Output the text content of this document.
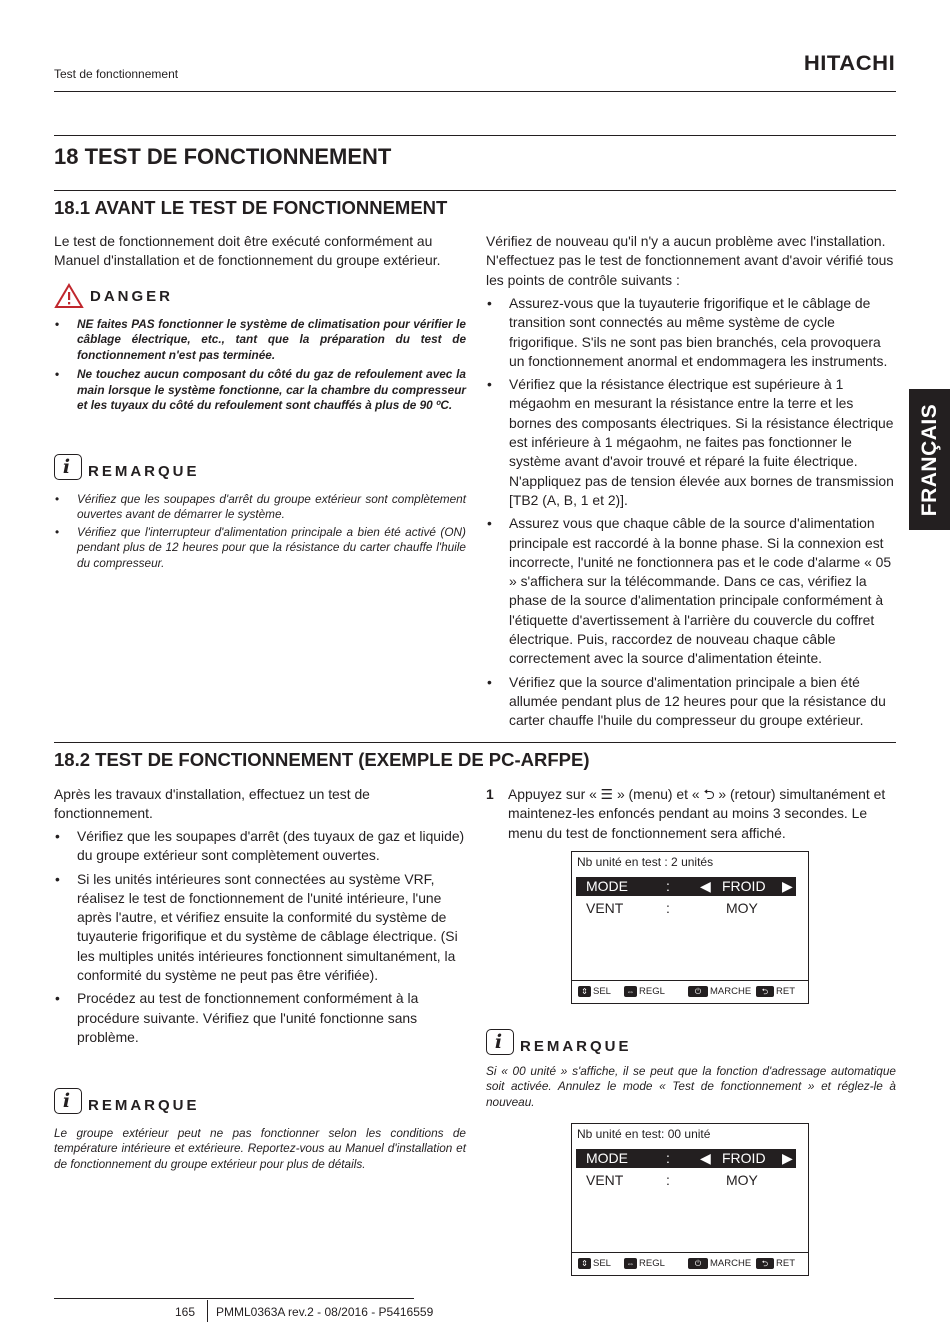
Test de fonctionnement	HITACHI
FRANÇAIS
18 TEST DE FONCTIONNEMENT
18.1 AVANT LE TEST DE FONCTIONNEMENT
Le test de fonctionnement doit être exécuté conformément au Manuel d'installation et de fonctionnement du groupe extérieur.
DANGER
• NE faites PAS fonctionner le système de climatisation pour vérifier le câblage électrique, etc., tant que la préparation du test de fonctionnement n'est pas terminée.
• Ne touchez aucun composant du côté du gaz de refoulement avec la main lorsque le système fonctionne, car la chambre du compresseur et les tuyaux du côté du refoulement sont chauffés à plus de 90 ºC.
i REMARQUE
• Vérifiez que les soupapes d'arrêt du groupe extérieur sont complètement ouvertes avant de démarrer le système.
• Vérifiez que l'interrupteur d'alimentation principale a bien été activé (ON) pendant plus de 12 heures pour que la résistance du carter chauffe l'huile du compresseur.
Vérifiez de nouveau qu'il n'y a aucun problème avec l'installation. N'effectuez pas le test de fonctionnement avant d'avoir vérifié tous les points de contrôle suivants :
• Assurez-vous que la tuyauterie frigorifique et le câblage de transition sont connectés au même système de cycle frigorifique. S'ils ne sont pas bien branchés, cela provoquera un fonctionnement anormal et endommagera les instruments.
• Vérifiez que la résistance électrique est supérieure à 1 mégaohm en mesurant la résistance entre la terre et les bornes des composants électriques. Si la résistance électrique est inférieure à 1 mégaohm, ne faites pas fonctionner le système avant d'avoir trouvé et réparé la fuite électrique. N'appliquez pas de tension élevée aux bornes de transmission [TB2 (A, B, 1 et 2)].
• Assurez vous que chaque câble de la source d'alimentation principale est raccordé à la bonne phase. Si la connexion est incorrecte, l'unité ne fonctionnera pas et le code d'alarme « 05 » s'affichera sur la télécommande. Dans ce cas, vérifiez la phase de la source d'alimentation principale conformément à l'étiquette d'avertissement à l'arrière du couvercle du coffret électrique. Puis, raccordez de nouveau chaque câble correctement avec la source d'alimentation éteinte.
• Vérifiez que la source d'alimentation principale a bien été allumée pendant plus de 12 heures pour que la résistance du carter chauffe l'huile du compresseur du groupe extérieur.
18.2 TEST DE FONCTIONNEMENT (EXEMPLE DE PC-ARFPE)
Après les travaux d'installation, effectuez un test de fonctionnement.
• Vérifiez que les soupapes d'arrêt (des tuyaux de gaz et liquide) du groupe extérieur sont complètement ouvertes.
• Si les unités intérieures sont connectées au système VRF, réalisez le test de fonctionnement de l'unité intérieure, l'une après l'autre, et vérifiez ensuite la conformité du système de tuyauterie frigorifique et du système de câblage électrique. (Si les multiples unités intérieures fonctionnent simultanément, la conformité du système ne peut pas être vérifiée).
• Procédez au test de fonctionnement conformément à la procédure suivante. Vérifiez que l'unité fonctionne sans problème.
i REMARQUE
Le groupe extérieur peut ne pas fonctionner selon les conditions de température intérieure et extérieure. Reportez-vous au Manuel d'installation et de fonctionnement du groupe extérieur pour plus de détails.
1 Appuyez sur « ☰ » (menu) et « ⮌ » (retour) simultanément et maintenez-les enfoncés pendant au moins 3 secondes. Le menu du test de fonctionnement sera affiché.
Nb unité en test : 2 unités
MODE	: ◀ FROID ▶
VENT	:	MOY
⇕ SEL	⇔ REGL	⏻ MARCHE	⮌ RET
i REMARQUE
Si « 00 unité » s'affiche, il se peut que la fonction d'adressage automatique soit activée. Annulez le mode « Test de fonctionnement » et réglez-le à nouveau.
Nb unité en test: 00 unité
MODE	: ◀ FROID ▶
VENT	:	MOY
⇕ SEL	⇔ REGL	⏻ MARCHE	⮌ RET
165 PMML0363A rev.2 - 08/2016 - P5416559
